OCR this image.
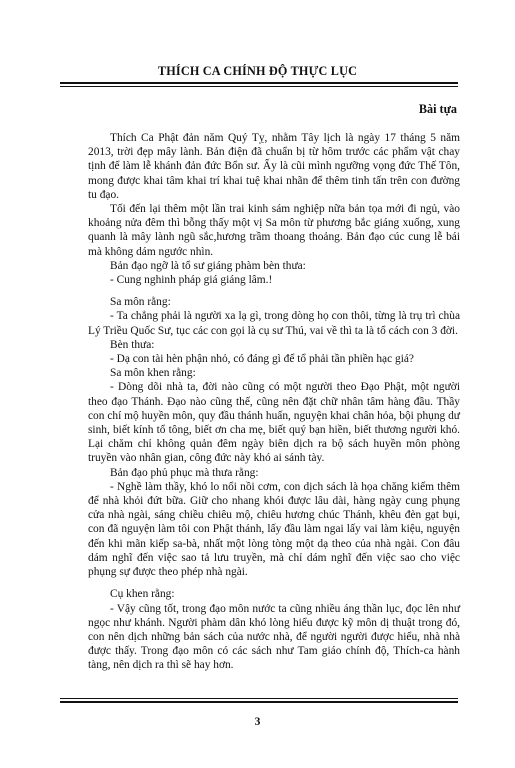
THÍCH CA CHÍNH ĐỘ THỰC LỤC
Bài tựa

Thích Ca Phật đản năm Quý Tỵ, nhằm Tây lịch là ngày 17 tháng 5 năm 2013, trời đẹp mây lành. Bản điện đã chuẩn bị từ hôm trước các phẩm vật chay tịnh để làm lễ khánh đản đức Bổn sư. Ấy là cũi mình ngưỡng vọng đức Thế Tôn, mong được khai tâm khai trí khai tuệ khai nhãn để thêm tinh tấn trên con đường tu đạo.

Tối đến lại thêm một lần trai kinh sám nghiệp nữa bản tọa mới đi ngủ, vào khoảng nửa đêm thì bỗng thấy một vị Sa môn từ phương bắc giáng xuống, xung quanh là mây lành ngũ sắc,hương trầm thoang thoảng. Bản đạo cúc cung lễ bái mà không dám ngước nhìn.

Bản đạo ngỡ là tổ sư giáng phàm bèn thưa:

- Cung nghinh pháp giá giáng lâm.!

Sa môn rằng:

- Ta chẳng phải là người xa lạ gì, trong dòng họ con thôi, từng là trụ trì chùa Lý Triều Quốc Sư, tục các con gọi là cụ sư Thú, vai về thì ta là tổ cách con 3 đời.

Bèn thưa:

- Dạ con tài hèn phận nhỏ, có đáng gì để tổ phải tần phiền hạc giá?

Sa môn khen rằng:

- Dòng dõi nhà ta, đời nào cũng có một người theo Đạo Phật, một người theo đạo Thánh. Đạo nào cũng thế, cũng nên đặt chữ nhân tâm hàng đầu. Thầy con chí mộ huyền môn, quy đầu thánh huấn, nguyện khai chân hỏa, bội phụng dư sinh, biết kính tổ tông, biết ơn cha mẹ, biết quý bạn hiền, biết thương người khó. Lại chăm chỉ không quản đêm ngày biên dịch ra bộ sách huyền môn phòng truyền vào nhân gian, công đức này khó ai sánh tày.

Bản đạo phủ phục mà thưa rằng:

- Nghề làm thầy, khó lo nổi nồi cơm, con dịch sách là họa chăng kiếm thêm để nhà khỏi đứt bữa. Giữ cho nhang khói được lâu dài, hàng ngày cung phụng cửa nhà ngài, sáng chiều chiêu mộ, chiêu hương chúc Thánh, khêu đèn gạt bụi, con đã nguyện làm tôi con Phật thánh, lấy đầu làm ngai lấy vai làm kiệu, nguyện đến khi mãn kiếp sa-bà, nhất một lòng tòng một dạ theo của nhà ngài. Con đâu dám nghĩ đến việc sao tả lưu truyền, mà chỉ dám nghĩ đến việc sao cho việc phụng sự được theo phép nhà ngài.

Cụ khen rằng:

- Vậy cũng tốt, trong đạo môn nước ta cũng nhiều áng thần lục, đọc lên như ngọc như khánh. Người phàm dân khó lòng hiểu được kỹ môn dị thuật trong đó, con nên dịch những bản sách của nước nhà, để người người được hiểu, nhà nhà được thấy. Trong đạo môn có các sách như Tam giáo chính độ, Thích-ca hành tàng, nên dịch ra thì sẽ hay hơn.

3
